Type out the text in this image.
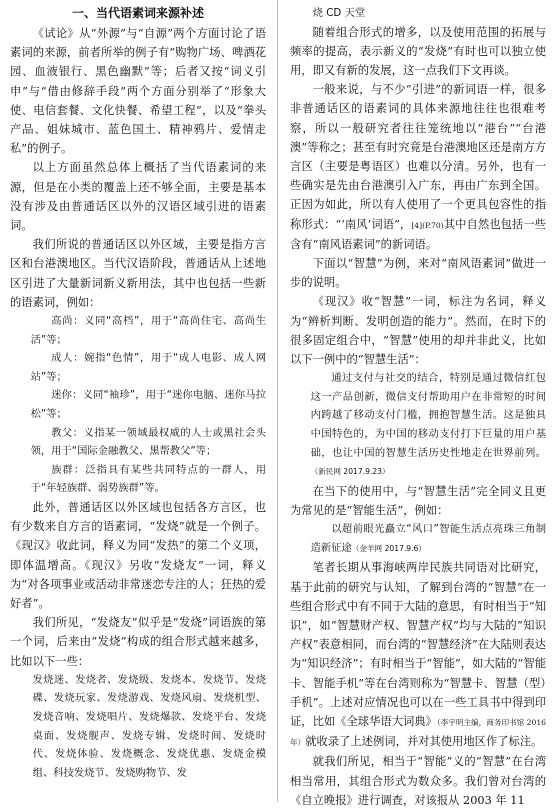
一、当代语素词来源补述

《试论》从“外源”与“自源”两个方面讨论了语素词的来源，前者所举的例子有“购物广场、啤酒花园、血液银行、黑色幽默”等；后者又按“词义引申”与“借由修辞手段”两个方面分别举了“形象大使、电信套餐、文化快餐、希望工程”，以及“拳头产品、姐妹城市、蓝色国土、精神鸦片、爱情走私”的例子。

以上方面虽然总体上概括了当代语素词的来源，但是在小类的覆盖上还不够全面，主要是基本没有涉及由普通话区以外的汉语区域引进的语素词。

我们所说的普通话区以外区域，主要是指方言区和台港澳地区。当代汉语阶段，普通话从上述地区引进了大量新词新义新用法，其中也包括一些新的语素词，例如：

高尚：义同“高档”，用于“高尚住宅、高尚生活”等；

成人：婉指“色情”，用于“成人电影、成人网站”等；

迷你：义同“袖珍”，用于“迷你电脑、迷你马拉松”等；

教父：义指某一领域最权威的人士或黑社会头领，用于“国际金融教父、黑帮教父”等；

族群：泛指具有某些共同特点的一群人，用于“年轻族群、弱势族群”等。

此外，普通话区以外区域也包括各方言区，也有少数来自方言的语素词，“发烧”就是一个例子。《现汉》收此词，释义为同“发热”的第二个义项，即体温增高。《现汉》另收“发烧友”一词，释义为“对各项事业或活动非常迷恋专注的人；狂热的爱好者”。

我们所见，“发烧友”似乎是“发烧”词语族的第一个词，后来由“发烧”构成的组合形式越来越多，比如以下一些：

发烧迷、发烧者、发烧级、发烧本、发烧节、发烧碟、发烧玩家、发烧游戏、发烧风扇、发烧机型、发烧音响、发烧唱片、发烧爆款、发烧平台、发烧桌面、发烧舰声、发烧专辑、发烧时间、发烧时代、发烧体验、发烧概念、发烧优惠、发烧金模组、科技发烧节、发烧购物节、发

烧 CD 天堂

随着组合形式的增多，以及使用范围的拓展与频率的提高，表示新义的“发烧”有时也可以独立使用，即又有新的发展，这一点我们下文再谈。

一般来说，与不少“引进”的新词语一样，很多非普通话区的语素词的具体来源地往往也很难考察，所以一般研究者往往笼统地以“港台”“台港澳”等称之；甚至有时究竟是台港澳地区还是南方方言区（主要是粤语区）也难以分清。另外，也有一些确实是先由台港澳引入广东，再由广东到全国。正因为如此，所以有人使用了一个更具包容性的指称形式：“‘南风’词语”，[4](P.70)其中自然也包括一些含有“南风语素词”的新词语。

下面以“智慧”为例，来对“南风语素词”做进一步的说明。

《现汉》收“智慧”一词，标注为名词，释义为“辨析判断、发明创造的能力”。然而，在时下的很多固定组合中，“智慧”使用的却并非此义，比如以下一例中的“智慧生活”：

通过支付与社交的结合，特别是通过微信红包这一产品创新，微信支付帮助用户在非常短的时间内跨越了移动支付门槛，拥抱智慧生活。这是独具中国特色的，为中国的移动支付打下巨量的用户基础，也让中国的智慧生活历史性地走在世界前列。（新民网 2017.9.23）

在当下的使用中，与“智慧生活”完全同义且更为常见的是“智能生活”，例如：

以超前眼光矗立“风口”智能生活点亮珠三角制造新征途（金羊网 2017.9.6）

笔者长期从事海峡两岸民族共同语对比研究，基于此前的研究与认知，了解到台湾的“智慧”在一些组合形式中有不同于大陆的意思，有时相当于“知识”，如“智慧财产权、智慧产权”均与大陆的“知识产权”表意相同，而台湾的“智慧经济”在大陆则表达为“知识经济”；有时相当于“智能”，如大陆的“智能卡、智能手机”等在台湾则称为“智慧卡、智慧（型）手机”。上述对应情况也可以在一些工具书中得到印证，比如《全球华语大词典》（李宇明主编，商务印书馆 2016 年）就收录了上述例词，并对其使用地区作了标注。

就我们所见，相当于“智能”义的“智慧”在台湾相当常用，其组合形式为数众多。我们曾对台湾的《自立晚报》进行调查，对该报从 2003 年 11
